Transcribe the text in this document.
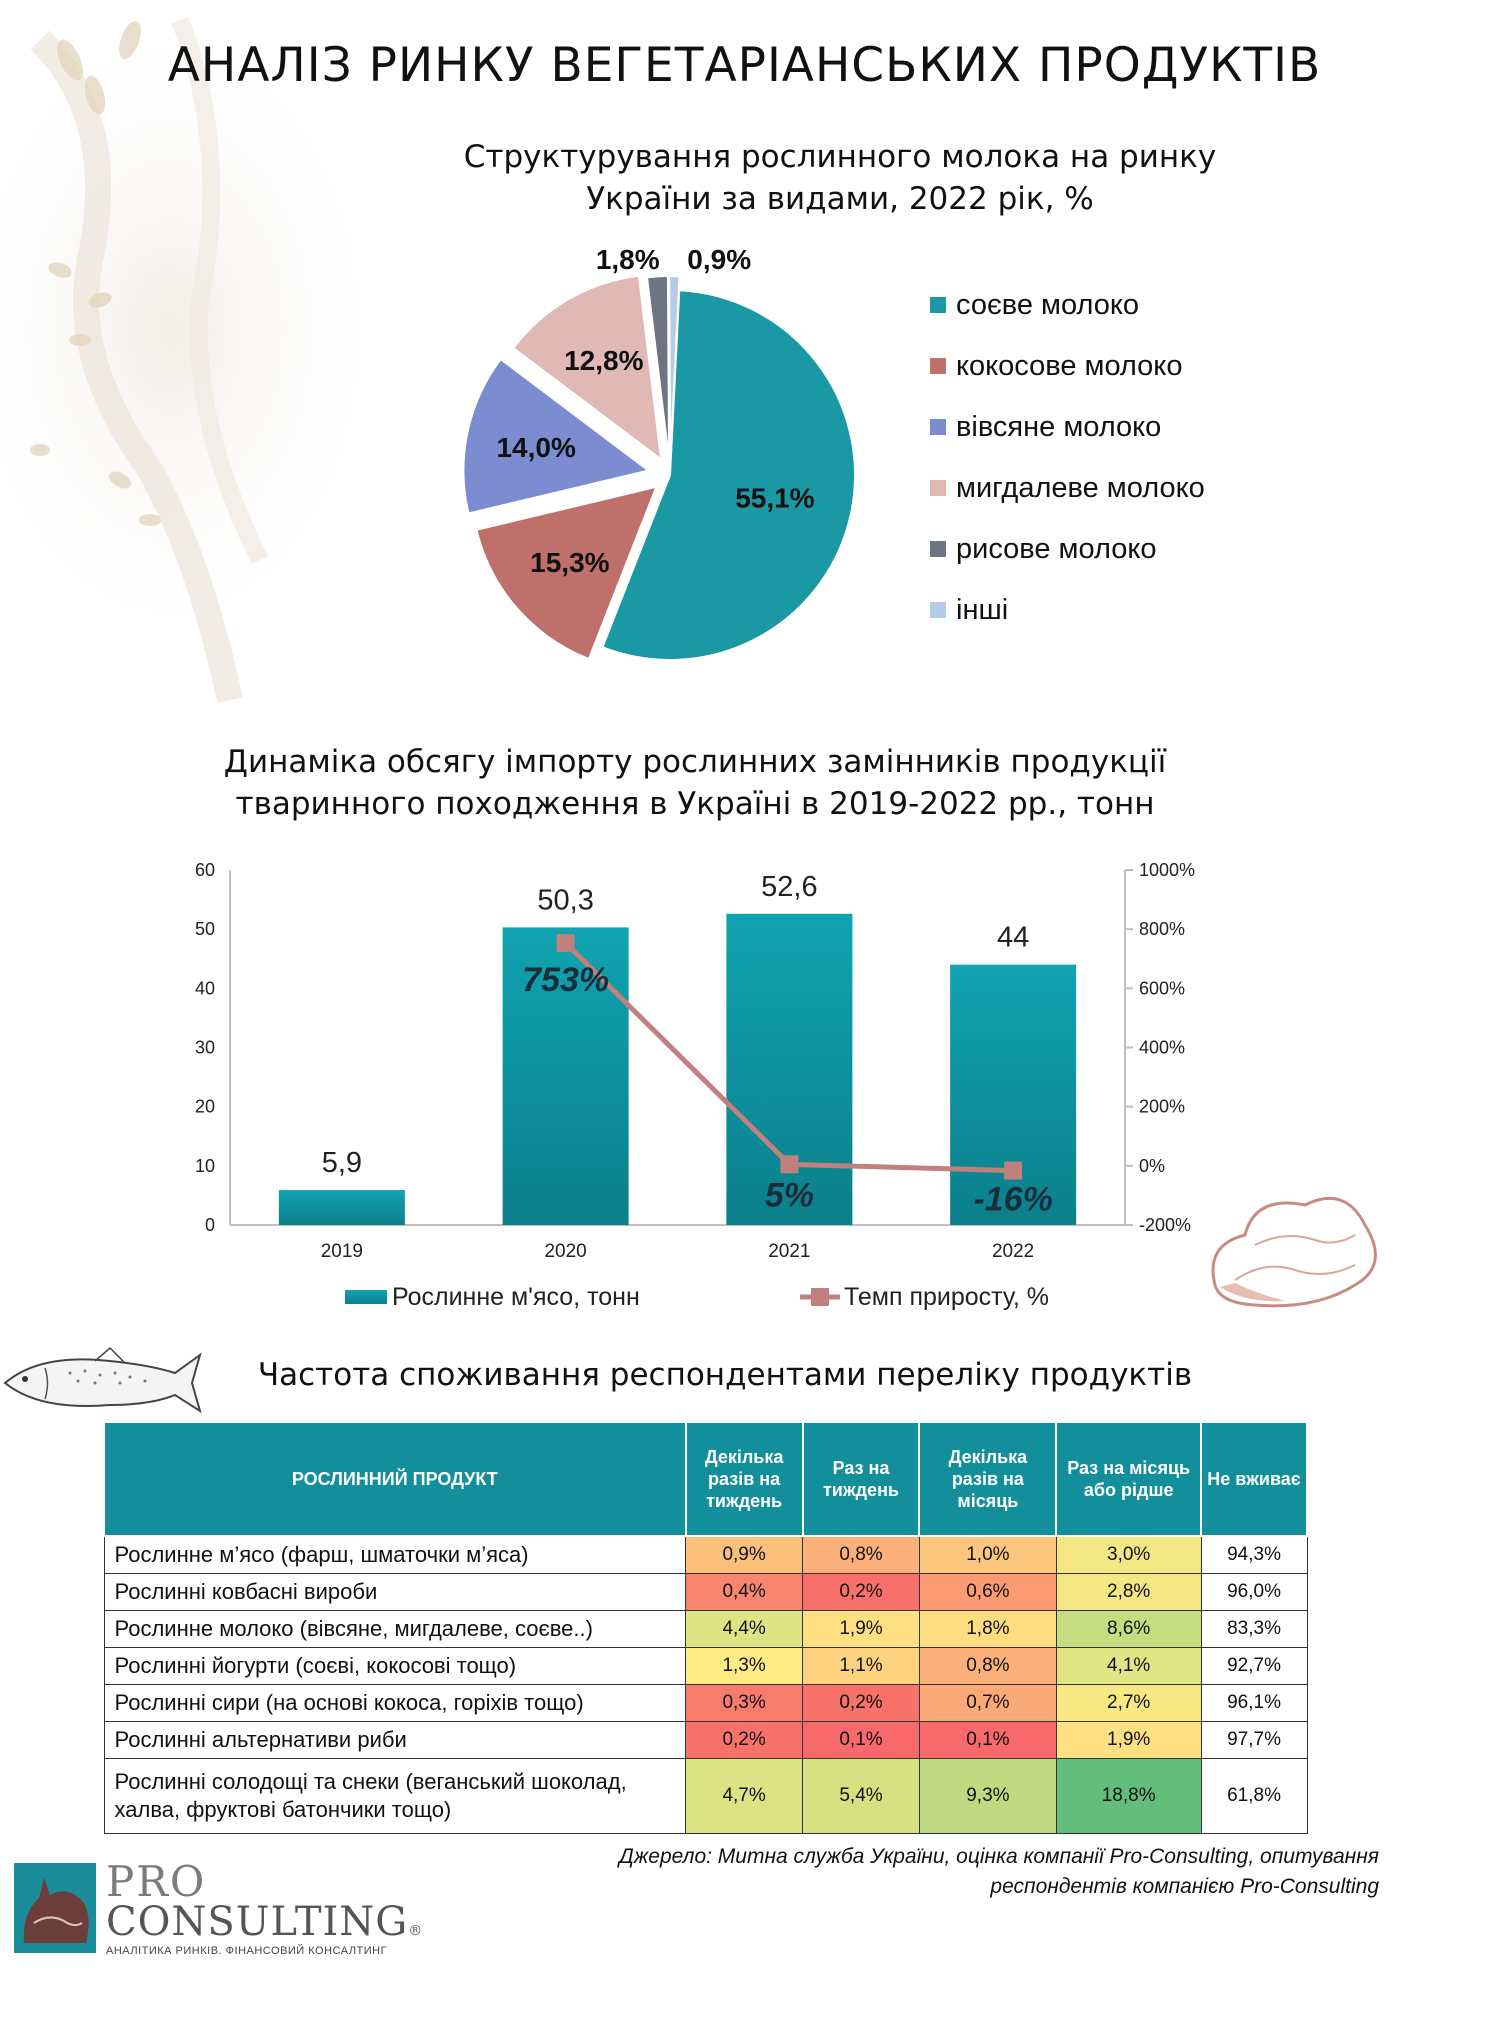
АНАЛІЗ РИНКУ ВЕГЕТАРІАНСЬКИХ ПРОДУКТІВ
Структурування рослинного молока на ринку
України за видами, 2022 рік, %
55,1%
15,3%
14,0%
12,8%
1,8% 0,9%
соєве молоко
кокосове молоко
вівсяне молоко
мигдалеве молоко
рисове молоко
інші
Динаміка обсягу імпорту рослинних замінників продукції
тваринного походження в Україні в 2019-2022 рр., тонн
0
10
20
30
40
50
60
-200%
0%
200%
400%
600%
800%
1000%
5,9
2019
50,3
2020
52,6
2021
44
2022
753%
5%	-16%
Рослинне м'ясо, тонн	Темп приросту, %
Частота споживання респондентами переліку продуктів
РОСЛИННИЙ ПРОДУКТ	Декілька разів на тиждень	Раз на тиждень	Декілька разів на місяць	Раз на місяць або рідше	Не вживає
Рослинне м’ясо (фарш, шматочки м’яса)	0,9%	0,8%	1,0%	3,0%	94,3%
Рослинні ковбасні вироби	0,4%	0,2%	0,6%	2,8%	96,0%
Рослинне молоко (вівсяне, мигдалеве, соєве..)	4,4%	1,9%	1,8%	8,6%	83,3%
Рослинні йогурти (соєві, кокосові тощо)	1,3%	1,1%	0,8%	4,1%	92,7%
Рослинні сири (на основі кокоса, горіхів тощо)	0,3%	0,2%	0,7%	2,7%	96,1%
Рослинні альтернативи риби	0,2%	0,1%	0,1%	1,9%	97,7%
Рослинні солодощі та снеки (веганський шоколад, халва, фруктові батончики тощо)	4,7%	5,4%	9,3%	18,8%	61,8%
Джерело: Митна служба України, оцінка компанії Pro-Consulting, опитування
респондентів компанією Pro-Consulting
PRO
CONSULTING®
АНАЛІТИКА РИНКІВ. ФІНАНСОВИЙ КОНСАЛТИНГ
